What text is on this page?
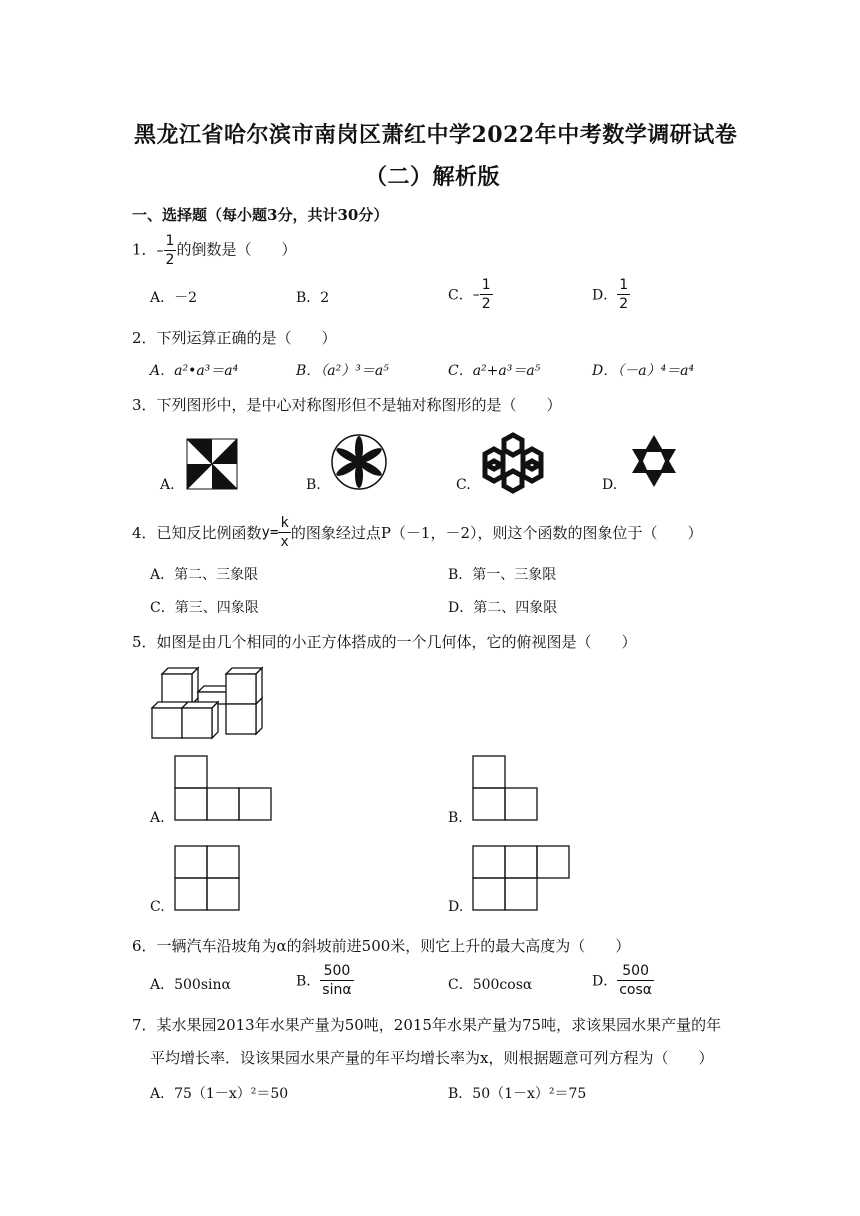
黑龙江省哈尔滨市南岗区萧红中学2022年中考数学调研试卷
（二）解析版
一、选择题（每小题3分，共计30分）
1．– $\frac{1}{2}$ 的倒数是（　　）
A．－2	B．2	C．– $\frac{1}{2}$	D． $\frac{1}{2}$
2．下列运算正确的是（　　）
A．a²•a³＝a⁴	B．（a²）³＝a⁵	C．a²+a³＝a⁵	D．（－a）⁴＝a⁴
3．下列图形中，是中心对称图形但不是轴对称图形的是（　　）
A.	B.	C.	D.
4．已知反比例函数$y= \frac{k}{x}$ 的图象经过点P（－1，－2），则这个函数的图象位于（　　）
A．第二、三象限	B．第一、三象限
C．第三、四象限	D．第二、四象限
5．如图是由几个相同的小正方体搭成的一个几何体，它的俯视图是（　　）
A.	B.
C.	D.
6．一辆汽车沿坡角为α的斜坡前进500米，则它上升的最大高度为（　　）
A．500sinα	B． $\frac{500}{\sin\alpha}$	C．500cosα	D． $\frac{500}{\cos\alpha}$
7．某水果园2013年水果产量为50吨，2015年水果产量为75吨，求该果园水果产量的年
平均增长率．设该果园水果产量的年平均增长率为x，则根据题意可列方程为（　　）
A．75（1－x）²＝50	B．50（1－x）²＝75
